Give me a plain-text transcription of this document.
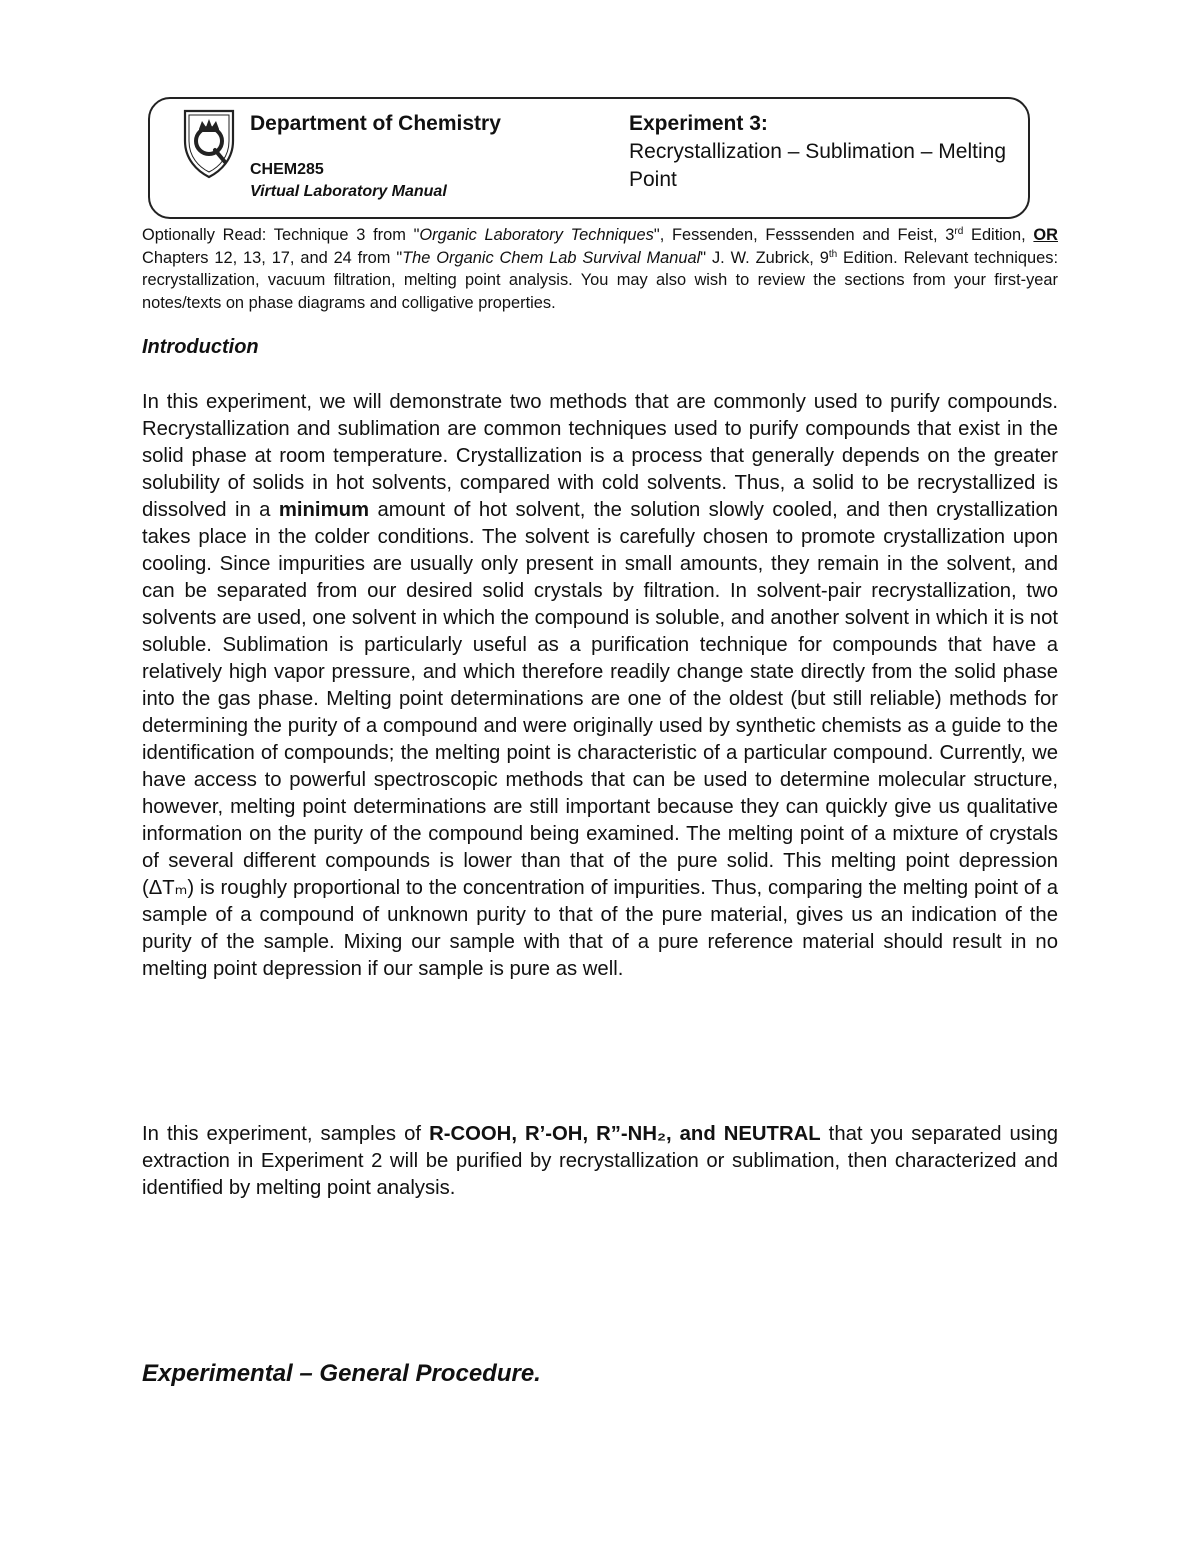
Department of Chemistry
CHEM285
Virtual Laboratory Manual
Experiment 3:
Recrystallization – Sublimation – Melting Point
Optionally Read: Technique 3 from "Organic Laboratory Techniques", Fessenden, Fesssenden and Feist, 3rd Edition, OR Chapters 12, 13, 17, and 24 from "The Organic Chem Lab Survival Manual" J. W. Zubrick, 9th Edition. Relevant techniques: recrystallization, vacuum filtration, melting point analysis. You may also wish to review the sections from your first-year notes/texts on phase diagrams and colligative properties.
Introduction
In this experiment, we will demonstrate two methods that are commonly used to purify compounds. Recrystallization and sublimation are common techniques used to purify compounds that exist in the solid phase at room temperature. Crystallization is a process that generally depends on the greater solubility of solids in hot solvents, compared with cold solvents. Thus, a solid to be recrystallized is dissolved in a minimum amount of hot solvent, the solution slowly cooled, and then crystallization takes place in the colder conditions. The solvent is carefully chosen to promote crystallization upon cooling. Since impurities are usually only present in small amounts, they remain in the solvent, and can be separated from our desired solid crystals by filtration. In solvent-pair recrystallization, two solvents are used, one solvent in which the compound is soluble, and another solvent in which it is not soluble. Sublimation is particularly useful as a purification technique for compounds that have a relatively high vapor pressure, and which therefore readily change state directly from the solid phase into the gas phase. Melting point determinations are one of the oldest (but still reliable) methods for determining the purity of a compound and were originally used by synthetic chemists as a guide to the identification of compounds; the melting point is characteristic of a particular compound. Currently, we have access to powerful spectroscopic methods that can be used to determine molecular structure, however, melting point determinations are still important because they can quickly give us qualitative information on the purity of the compound being examined. The melting point of a mixture of crystals of several different compounds is lower than that of the pure solid. This melting point depression (ΔTₘ) is roughly proportional to the concentration of impurities. Thus, comparing the melting point of a sample of a compound of unknown purity to that of the pure material, gives us an indication of the purity of the sample. Mixing our sample with that of a pure reference material should result in no melting point depression if our sample is pure as well.
In this experiment, samples of R-COOH, R’-OH, R”-NH₂, and NEUTRAL that you separated using extraction in Experiment 2 will be purified by recrystallization or sublimation, then characterized and identified by melting point analysis.
Experimental – General Procedure.
